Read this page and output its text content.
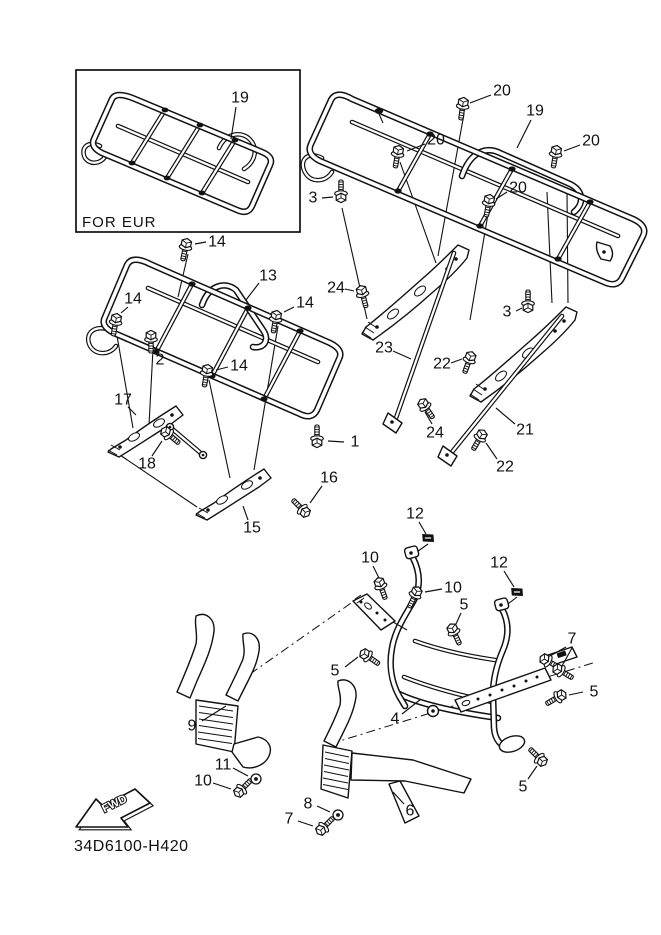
FOR EUR
FWD
34D6100-H420
20
19
20	20
20
3
24
3
23
22
24	21
22
19
14
13
14	14
2	14
17
18
1
16
15
12
10
10
12
5
5
7
5
5
4
6
9
11
10
8
7
